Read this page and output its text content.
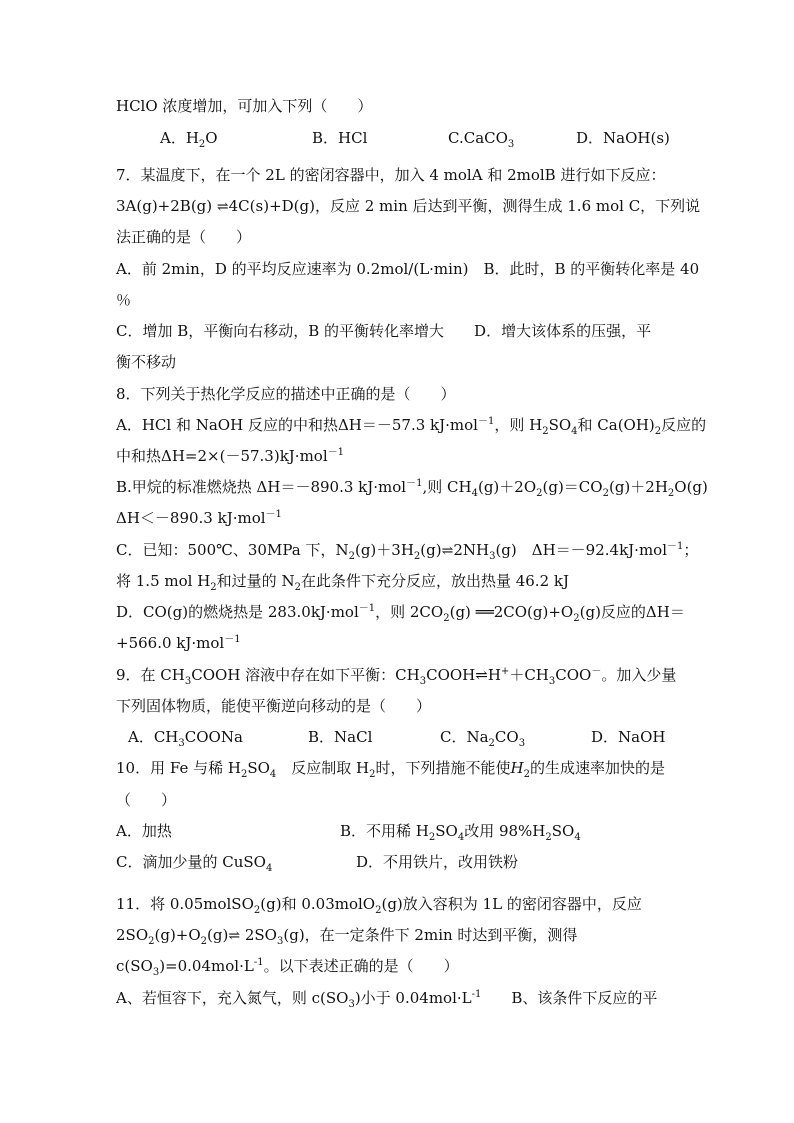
HClO 浓度增加，可加入下列（　　）
A．$H_2O$	B．HCl	C.CaCO$_3$	D．NaOH(s)
7．某温度下，在一个 2L 的密闭容器中，加入 4 molA 和 2molB 进行如下反应：
3A(g)+2B(g) ⇌4C(s)+D(g)，反应 2 min 后达到平衡，测得生成 1.6 mol C，下列说
法正确的是（　　）
A．前 2min，D 的平均反应速率为 0.2mol/(L·min)　B．此时，B 的平衡转化率是 40
％
C．增加 B，平衡向右移动，B 的平衡转化率增大　　D．增大该体系的压强，平
衡不移动
8．下列关于热化学反应的描述中正确的是（　　）
A．HCl 和 NaOH 反应的中和热ΔH＝－57.3 kJ·mol$^{-1}$，则 $H_2SO_4$和 $Ca(OH)_2$反应的
中和热ΔH=2×(－57.3)kJ·mol$^{-1}$
B.甲烷的标准燃烧热 ΔH＝－890.3 kJ·mol$^{-1}$,则 $CH_4(g)+2O_2(g)=CO_2(g)+2H_2O(g)$
ΔH＜－890.3 kJ·mol$^{-1}$
C．已知：500℃、30MPa 下，$N_2(g)+3H_2(g)\rightleftharpoons 2NH_3(g)$　ΔH＝－92.4kJ·mol$^{-1}$；
将 1.5 mol $H_2$和过量的 $N_2$在此条件下充分反应，放出热量 46.2 kJ
D．CO(g)的燃烧热是 283.0kJ·mol$^{-1}$，则 $2CO_2(g)$ $══2CO(g)+O_2(g)$反应的ΔH＝
+566.0 kJ·mol$^{-1}$
9．在 $CH_3COOH$ 溶液中存在如下平衡：$CH_3COOH\rightleftharpoons H^++CH_3COO^-$。加入少量
下列固体物质，能使平衡逆向移动的是（　　）
A．$CH_3COONa$	B．NaCl	C．$Na_2CO_3$	D．NaOH
10．用 Fe 与稀 $H_2SO_4$　反应制取 $H_2$时，下列措施不能使$H_2$的生成速率加快的是
（　　）
A．加热	B．不用稀 $H_2SO_4$改用 $98\%H_2SO_4$
C．滴加少量的 CuSO$_4$	D．不用铁片，改用铁粉
11．将 0.05molSO$_2$(g)和 0.03molO$_2$(g)放入容积为 1L 的密闭容器中，反应
$2SO_2(g)+O_2(g)\rightleftharpoons$ $2SO_3(g)$，在一定条件下 2min 时达到平衡，测得
$c(SO_3)=0.04mol\cdot L^{-1}$。以下表述正确的是（　　）
A、若恒容下，充入氮气，则 $c(SO_3)$小于 $0.04mol\cdot L^{-1}$　　B、该条件下反应的平
